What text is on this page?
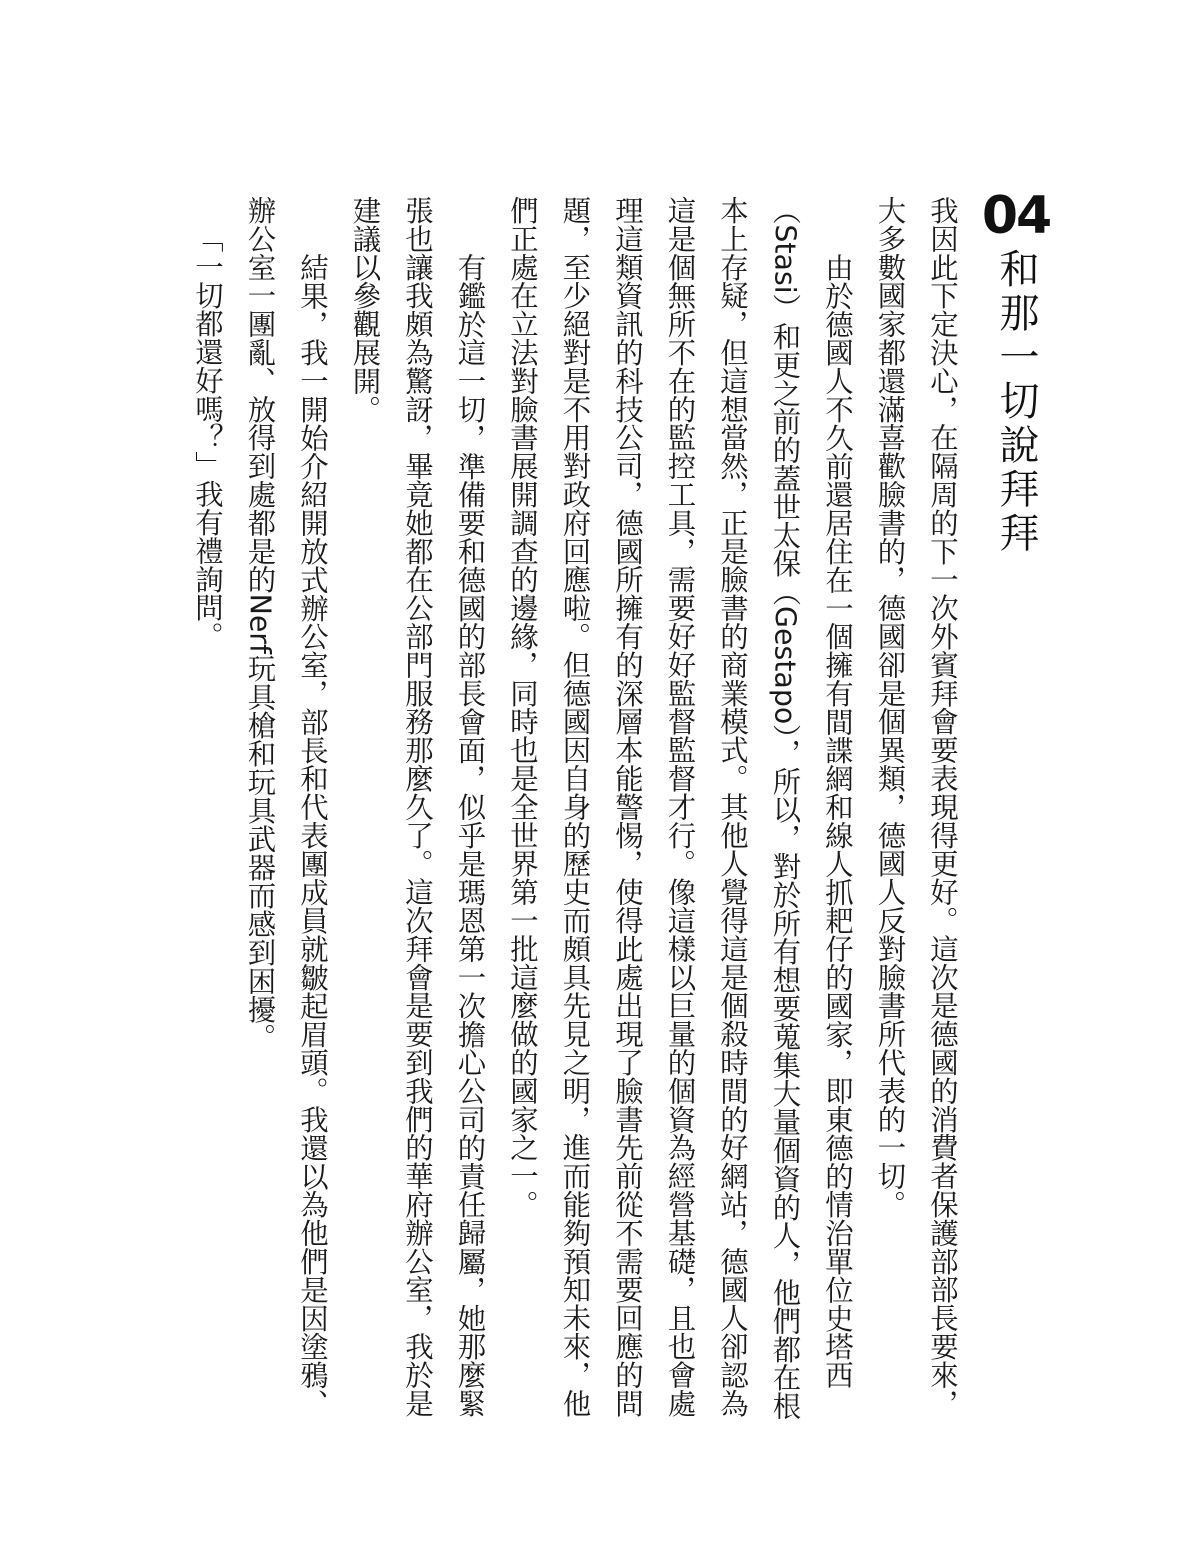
04
和那一切說拜拜

我因此下定決心，在隔周的下一次外賓拜會要表現得更好。這次是德國的消費者保護部部長要來，大多數國家都還滿喜歡臉書的，德國卻是個異類，德國人反對臉書所代表的一切。

由於德國人不久前還居住在一個擁有間諜網和線人抓耙仔的國家，即東德的情治單位史塔西（Stasi）和更之前的蓋世太保（Gestapo），所以，對於所有想要蒐集大量個資的人，他們都在根本上存疑，但這想當然，正是臉書的商業模式。其他人覺得這是個殺時間的好網站，德國人卻認為這是個無所不在的監控工具，需要好好監督監督才行。像這樣以巨量的個資為經營基礎，且也會處理這類資訊的科技公司，德國所擁有的深層本能警惕，使得此處出現了臉書先前從不需要回應的問題，至少絕對是不用對政府回應啦。但德國因自身的歷史而頗具先見之明，進而能夠預知未來，他們正處在立法對臉書展開調查的邊緣，同時也是全世界第一批這麼做的國家之一。

有鑑於這一切，準備要和德國的部長會面，似乎是瑪恩第一次擔心公司的責任歸屬，她那麼緊張也讓我頗為驚訝，畢竟她都在公部門服務那麼久了。這次拜會是要到我們的華府辦公室，我於是建議以參觀展開。

結果，我一開始介紹開放式辦公室，部長和代表團成員就皺起眉頭。我還以為他們是因塗鴉、辦公室一團亂、放得到處都是的Nerf玩具槍和玩具武器而感到困擾。

「一切都還好嗎？」我有禮詢問。
